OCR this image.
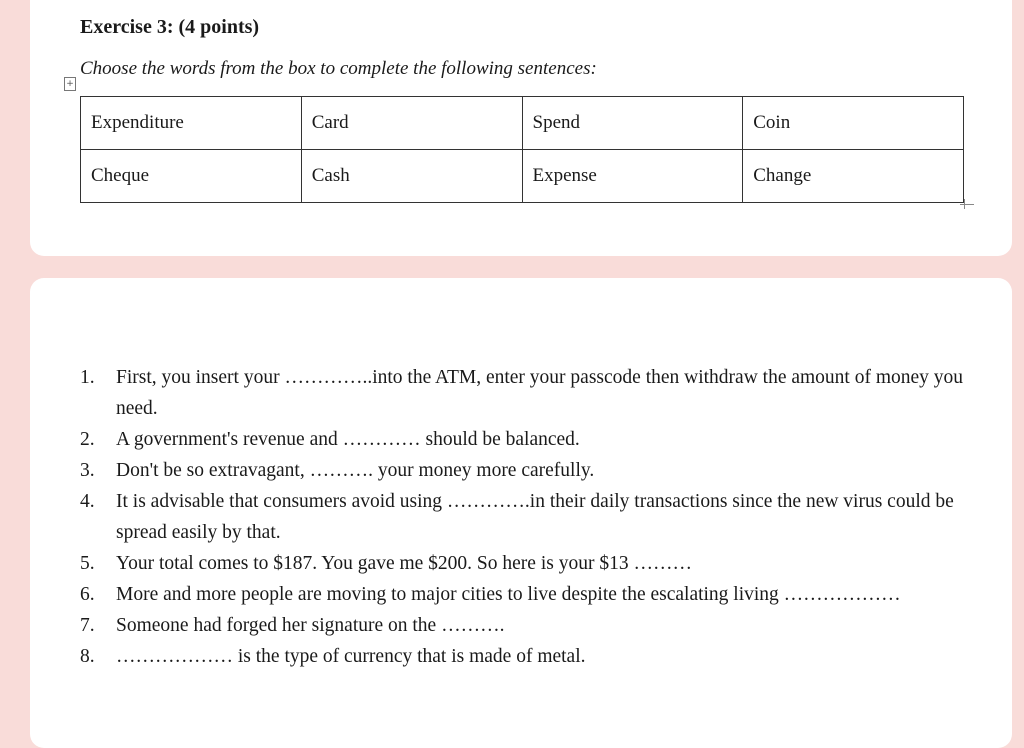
Exercise 3: (4 points)
+
Choose the words from the box to complete the following sentences:
Expenditure	Card	Spend	Coin
Cheque	Cash	Expense	Change
1. First, you insert your …………..into the ATM, enter your passcode then withdraw the amount of money you need.
2. A government's revenue and ………… should be balanced.
3. Don't be so extravagant, ………. your money more carefully.
4. It is advisable that consumers avoid using ………….in their daily transactions since the new virus could be spread easily by that.
5. Your total comes to $187. You gave me $200. So here is your $13 ………
6. More and more people are moving to major cities to live despite the escalating living ………………
7. Someone had forged her signature on the ……….
8. ……………… is the type of currency that is made of metal.
